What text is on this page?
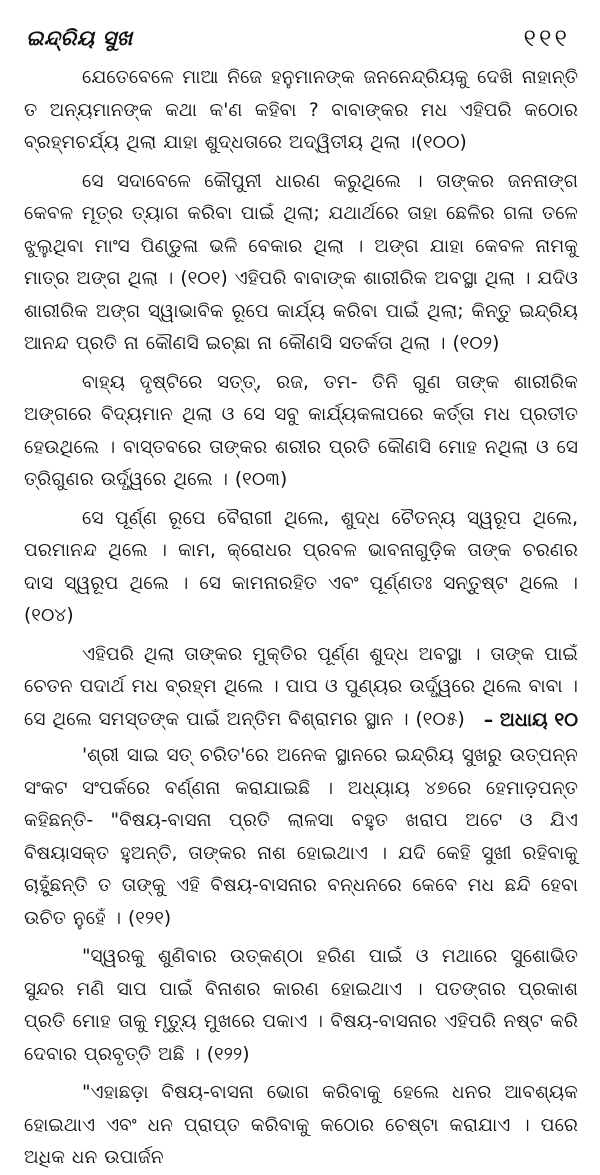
ଇନ୍ଦ୍ରିୟ ସୁଖ	୧୧୧

ଯେତେବେଳେ ମାଆ ନିଜେ ହନୁମାନଙ୍କ ଜନନେନ୍ଦ୍ରିୟକୁ ଦେଖି ନାହାନ୍ତି ତ ଅନ୍ୟମାନଙ୍କ କଥା କ'ଣ କହିବା ? ବାବାଙ୍କର ମଧ ଏହିପରି କଠୋର ବ୍ରହ୍ମଚର୍ଯ୍ୟ ଥିଲା ଯାହା ଶୁଦ୍ଧତାରେ ଅଦ୍ୱିତୀୟ ଥିଲା ।(୧୦୦)

ସେ ସଦାବେଳେ କୌପୁନୀ ଧାରଣ କରୁଥିଲେ । ତାଙ୍କର ଜନନାଙ୍ଗ କେବଳ ମୂତ୍ର ତ୍ୟାଗ କରିବା ପାଇଁ ଥିଲା; ଯଥାର୍ଥରେ ତାହା ଛେଳିର ଗଳା ତଳେ ଝୁଲୁଥିବା ମାଂସ ପିଣ୍ଡୁଳା ଭଳି ବେକାର ଥିଲା । ଅଙ୍ଗ ଯାହା କେବଳ ନାମକୁ ମାତ୍ର ଅଙ୍ଗ ଥିଲା । (୧୦୧) ଏହିପରି ବାବାଙ୍କ ଶାରୀରିକ ଅବସ୍ଥା ଥିଲା । ଯଦିଓ ଶାରୀରିକ ଅଙ୍ଗ ସ୍ୱାଭାବିକ ରୂପେ କାର୍ଯ୍ୟ କରିବା ପାଇଁ ଥିଲା; କିନ୍ତୁ ଇନ୍ଦ୍ରିୟ ଆନନ୍ଦ ପ୍ରତି ନା କୌଣସି ଇଚ୍ଛା ନା କୌଣସି ସତର୍କତା ଥିଲା । (୧୦୨)

ବାହ୍ୟ ଦୃଷ୍ଟିରେ ସତ୍ତ୍, ରଜ, ତମ- ତିନି ଗୁଣ ତାଙ୍କ ଶାରୀରିକ ଅଙ୍ଗରେ ବିଦ୍ୟମାନ ଥିଲା ଓ ସେ ସବୁ କାର୍ଯ୍ୟକଳାପରେ କର୍ତ୍ତା ମଧ ପ୍ରତୀତ ହେଉଥିଲେ । ବାସ୍ତବରେ ତାଙ୍କର ଶରୀର ପ୍ରତି କୌଣସି ମୋହ ନଥିଲା ଓ ସେ ତ୍ରିଗୁଣର ଉର୍ଦ୍ଧ୍ୱରେ ଥିଲେ । (୧୦୩)

ସେ ପୂର୍ଣ୍ଣ ରୂପେ ବୈରାଗୀ ଥିଲେ, ଶୁଦ୍ଧ ଚୈତନ୍ୟ ସ୍ୱରୂପ ଥିଲେ, ପରମାନନ୍ଦ ଥିଲେ । କାମ, କ୍ରୋଧର ପ୍ରବଳ ଭାବନାଗୁଡ଼ିକ ତାଙ୍କ ଚରଣର ଦାସ ସ୍ୱରୂପ ଥିଲେ । ସେ କାମନାରହିତ ଏବଂ ପୂର୍ଣ୍ଣତଃ ସନ୍ତୁଷ୍ଟ ଥିଲେ । (୧୦୪)

ଏହିପରି ଥିଲା ତାଙ୍କର ମୁକ୍ତିର ପୂର୍ଣ୍ଣ ଶୁଦ୍ଧ ଅବସ୍ଥା । ତାଙ୍କ ପାଇଁ ଚେତନ ପଦାର୍ଥ ମଧ ବ୍ରହ୍ମ ଥିଲେ । ପାପ ଓ ପୁଣ୍ୟର ଉର୍ଦ୍ଧ୍ୱରେ ଥିଲେ ବାବା । ସେ ଥିଲେ ସମସ୍ତଙ୍କ ପାଇଁ ଅନ୍ତିମ ବିଶ୍ରାମର ସ୍ଥାନ । (୧୦୫) – ଅଧାୟ ୧୦

'ଶ୍ରୀ ସାଇ ସତ୍ ଚରିତ'ରେ ଅନେକ ସ୍ଥାନରେ ଇନ୍ଦ୍ରିୟ ସୁଖରୁ ଉତ୍ପନ୍ନ ସଂକଟ ସଂପର୍କରେ ବର୍ଣ୍ଣନା କରାଯାଇଛି । ଅଧ୍ୟାୟ ୪୭ରେ ହେମାଡ଼ପନ୍ତ କହିଛନ୍ତି- "ବିଷୟ-ବାସନା ପ୍ରତି ଲାଳସା ବହୁତ ଖରାପ ଅଟେ ଓ ଯିଏ ବିଷୟାସକ୍ତ ହୁଅନ୍ତି, ତାଙ୍କର ନାଶ ହୋଇଥାଏ । ଯଦି କେହି ସୁଖୀ ରହିବାକୁ ଚାହୁଁଛନ୍ତି ତ ତାଙ୍କୁ ଏହି ବିଷୟ-ବାସନାର ବନ୍ଧନରେ କେବେ ମଧ ଛନ୍ଦି ହେବା ଉଚିତ ନୁହେଁ । (୧୨୧)

"ସ୍ୱରକୁ ଶୁଣିବାର ଉତ୍କଣ୍ଠା ହରିଣ ପାଇଁ ଓ ମଥାରେ ସୁଶୋଭିତ ସୁନ୍ଦର ମଣି ସାପ ପାଇଁ ବିନାଶର କାରଣ ହୋଇଥାଏ । ପତଙ୍ଗର ପ୍ରକାଶ ପ୍ରତି ମୋହ ତାକୁ ମୃତ୍ୟୁ ମୁଖରେ ପକାଏ । ବିଷୟ-ବାସନାର ଏହିପରି ନଷ୍ଟ କରି ଦେବାର ପ୍ରବୃତ୍ତି ଅଛି । (୧୨୨)

"ଏହାଛଡ଼ା ବିଷୟ-ବାସନା ଭୋଗ କରିବାକୁ ହେଲେ ଧନର ଆବଶ୍ୟକ ହୋଇଥାଏ ଏବଂ ଧନ ପ୍ରାପ୍ତ କରିବାକୁ କଠୋର ଚେଷ୍ଟା କରାଯାଏ । ପରେ ଅଧିକ ଧନ ଉପାର୍ଜନ
